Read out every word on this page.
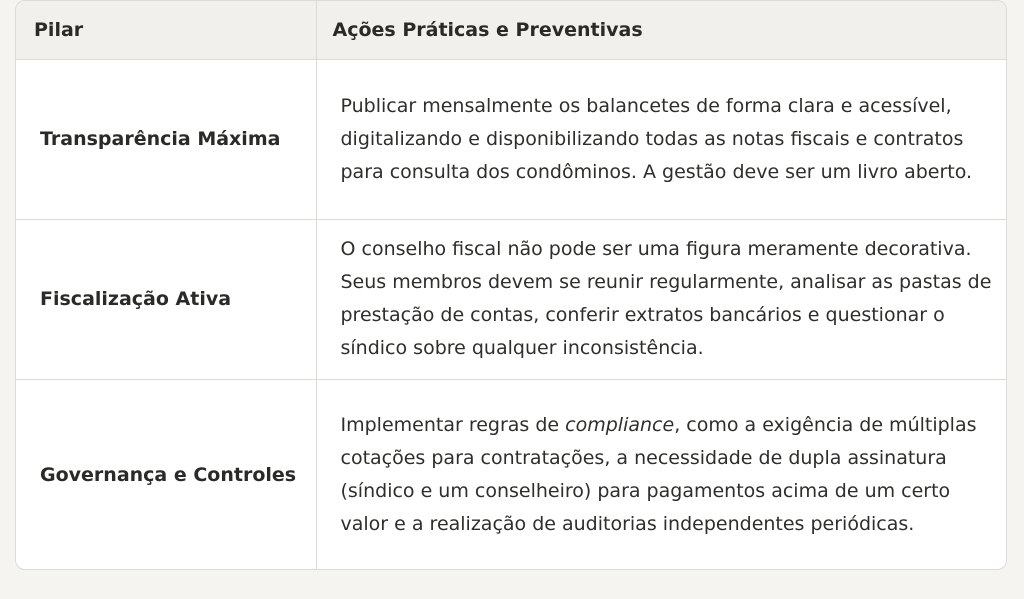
Pilar	Ações Práticas e Preventivas
Transparência Máxima	Publicar mensalmente os balancetes de forma clara e acessível, digitalizando e disponibilizando todas as notas fiscais e contratos para consulta dos condôminos. A gestão deve ser um livro aberto.
Fiscalização Ativa	O conselho fiscal não pode ser uma figura meramente decorativa. Seus membros devem se reunir regularmente, analisar as pastas de prestação de contas, conferir extratos bancários e questionar o síndico sobre qualquer inconsistência.
Governança e Controles	Implementar regras de compliance, como a exigência de múltiplas cotações para contratações, a necessidade de dupla assinatura (síndico e um conselheiro) para pagamentos acima de um certo valor e a realização de auditorias independentes periódicas.
